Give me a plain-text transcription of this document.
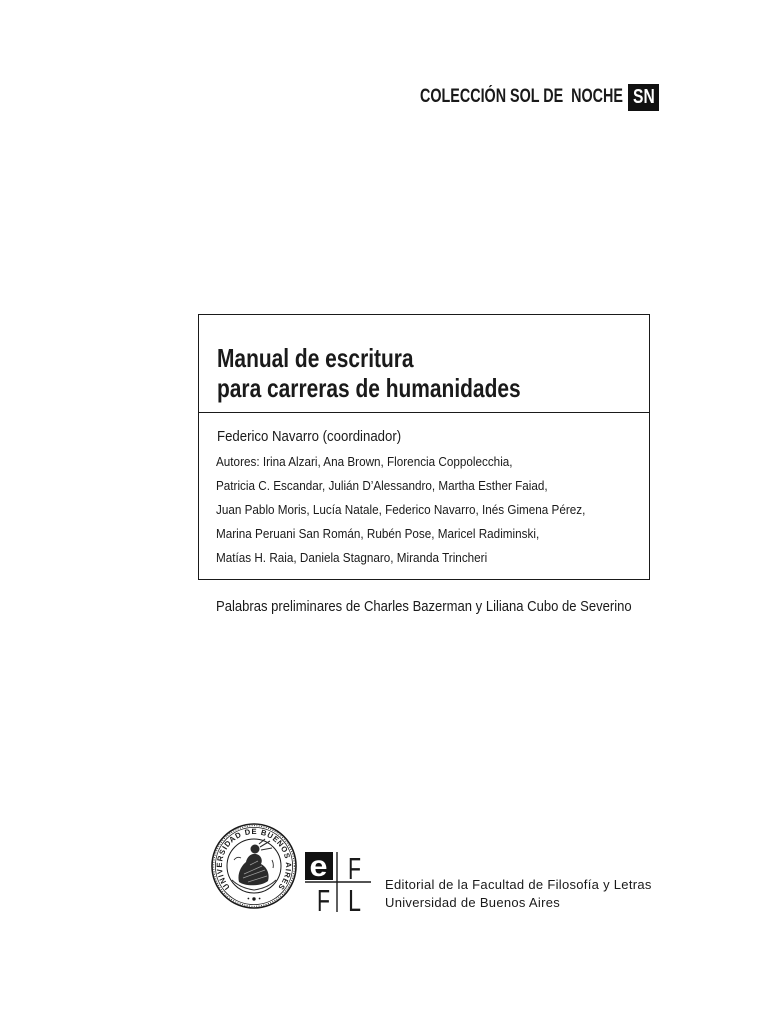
COLECCIÓN SOL DE  NOCHE SN
Manual de escritura
para carreras de humanidades
Federico Navarro (coordinador)
Autores: Irina Alzari, Ana Brown, Florencia Coppolecchia,
Patricia C. Escandar, Julián D’Alessandro, Martha Esther Faiad,
Juan Pablo Moris, Lucía Natale, Federico Navarro, Inés Gimena Pérez,
Marina Peruani San Román, Rubén Pose, Maricel Radiminski,
Matías H. Raia, Daniela Stagnaro, Miranda Trincheri
Palabras preliminares de Charles Bazerman y Liliana Cubo de Severino
UNIVERSIDAD DE BUENOS AIRES
e F
F L Editorial de la Facultad de Filosofía y Letras
Universidad de Buenos Aires
